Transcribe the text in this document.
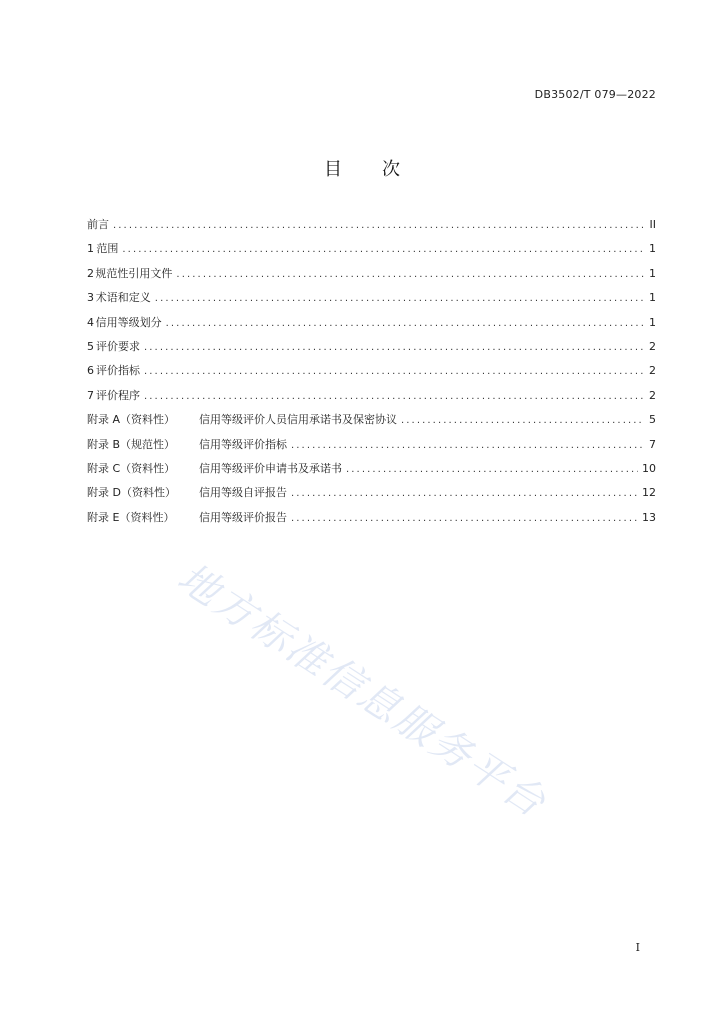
DB3502/T 079—2022
目 次
前言 .....	II
1 范围 .....	1
2 规范性引用文件 .....	1
3 术语和定义 .....	1
4 信用等级划分 .....	1
5 评价要求 .....	2
6 评价指标 .....	2
7 评价程序 .....	2
附录 A（资料性）	信用等级评价人员信用承诺书及保密协议 .....	5
附录 B（规范性）	信用等级评价指标 .....	7
附录 C（资料性）	信用等级评价申请书及承诺书 .....	10
附录 D（资料性）	信用等级自评报告 .....	12
附录 E（资料性）	信用等级评价报告 .....	13
地方标准信息服务平台
I
